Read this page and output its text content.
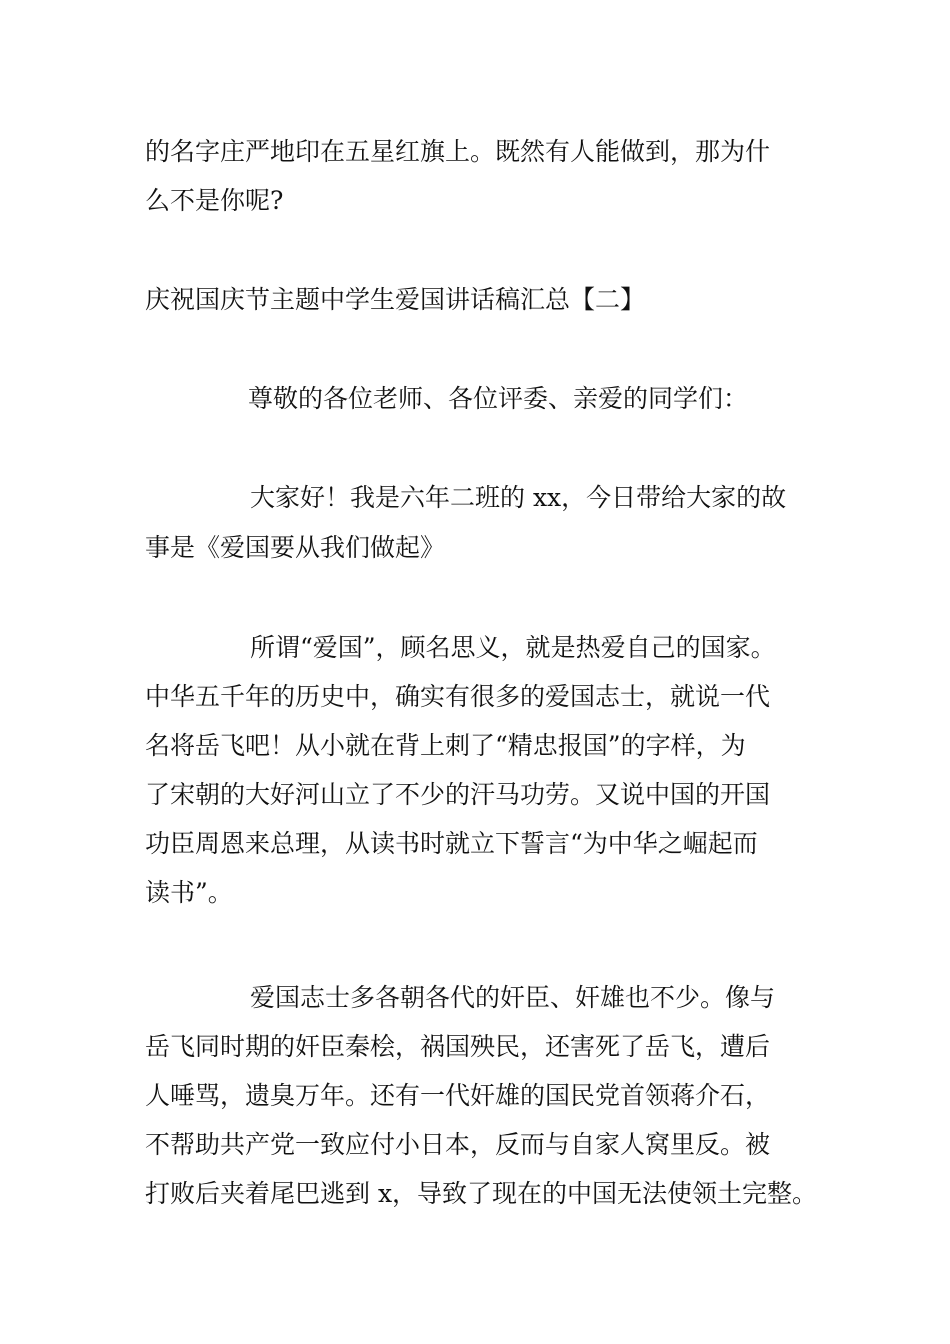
的名字庄严地印在五星红旗上。既然有人能做到，那为什
么不是你呢?
庆祝国庆节主题中学生爱国讲话稿汇总【二】
尊敬的各位老师、各位评委、亲爱的同学们：
大家好！我是六年二班的 xx，今日带给大家的故
事是《爱国要从我们做起》
所谓“爱国”，顾名思义，就是热爱自己的国家。
中华五千年的历史中，确实有很多的爱国志士，就说一代
名将岳飞吧！从小就在背上刺了“精忠报国”的字样，为
了宋朝的大好河山立了不少的汗马功劳。又说中国的开国
功臣周恩来总理，从读书时就立下誓言“为中华之崛起而
读书”。
爱国志士多各朝各代的奸臣、奸雄也不少。像与
岳飞同时期的奸臣秦桧，祸国殃民，还害死了岳飞，遭后
人唾骂，遗臭万年。还有一代奸雄的国民党首领蒋介石，
不帮助共产党一致应付小日本，反而与自家人窝里反。被
打败后夹着尾巴逃到 x，导致了现在的中国无法使领土完整。
